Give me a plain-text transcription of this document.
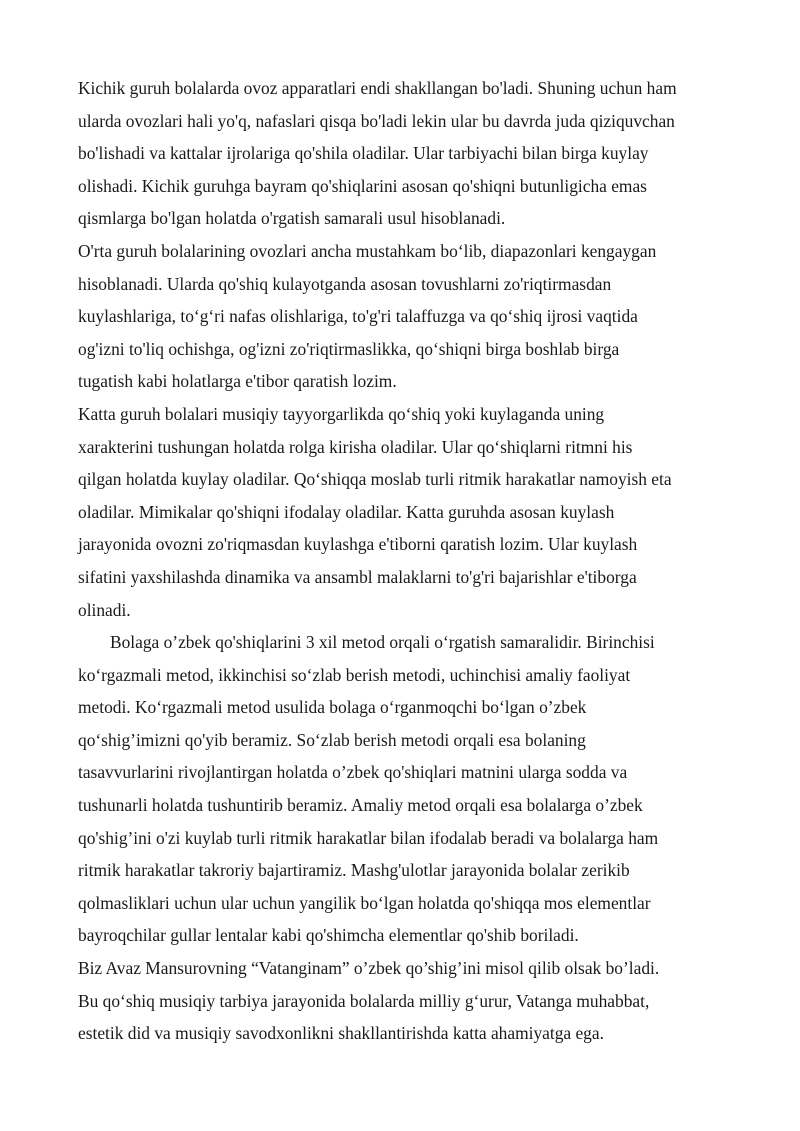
Kichik guruh bolalarda ovoz apparatlari endi shakllangan bo'ladi. Shuning uchun ham
ularda ovozlari hali yo'q, nafaslari qisqa bo'ladi lekin ular bu davrda juda qiziquvchan
bo'lishadi va kattalar ijrolariga qo'shila oladilar. Ular tarbiyachi bilan birga kuylay
olishadi. Kichik guruhga bayram qo'shiqlarini asosan qo'shiqni butunligicha emas
qismlarga bo'lgan holatda o'rgatish samarali usul hisoblanadi.
O'rta guruh bolalarining ovozlari ancha mustahkam bo‘lib, diapazonlari kengaygan
hisoblanadi. Ularda qo'shiq kulayotganda asosan tovushlarni zo'riqtirmasdan
kuylashlariga, to‘g‘ri nafas olishlariga, to'g'ri talaffuzga va qo‘shiq ijrosi vaqtida
og'izni to'liq ochishga, og'izni zo'riqtirmaslikka, qo‘shiqni birga boshlab birga
tugatish kabi holatlarga e'tibor qaratish lozim.
Katta guruh bolalari musiqiy tayyorgarlikda qo‘shiq yoki kuylaganda uning
xarakterini tushungan holatda rolga kirisha oladilar. Ular qo‘shiqlarni ritmni his
qilgan holatda kuylay oladilar. Qo‘shiqqa moslab turli ritmik harakatlar namoyish eta
oladilar. Mimikalar qo'shiqni ifodalay oladilar. Katta guruhda asosan kuylash
jarayonida ovozni zo'riqmasdan kuylashga e'tiborni qaratish lozim. Ular kuylash
sifatini yaxshilashda dinamika va ansambl malaklarni to'g'ri bajarishlar e'tiborga
olinadi.
Bolaga o’zbek qo'shiqlarini 3 xil metod orqali o‘rgatish samaralidir. Birinchisi
ko‘rgazmali metod, ikkinchisi so‘zlab berish metodi, uchinchisi amaliy faoliyat
metodi. Ko‘rgazmali metod usulida bolaga o‘rganmoqchi bo‘lgan o’zbek
qo‘shig’imizni qo'yib beramiz. So‘zlab berish metodi orqali esa bolaning
tasavvurlarini rivojlantirgan holatda o’zbek qo'shiqlari matnini ularga sodda va
tushunarli holatda tushuntirib beramiz. Amaliy metod orqali esa bolalarga o’zbek
qo'shig’ini o'zi kuylab turli ritmik harakatlar bilan ifodalab beradi va bolalarga ham
ritmik harakatlar takroriy bajartiramiz. Mashg'ulotlar jarayonida bolalar zerikib
qolmasliklari uchun ular uchun yangilik bo‘lgan holatda qo'shiqqa mos elementlar
bayroqchilar gullar lentalar kabi qo'shimcha elementlar qo'shib boriladi.
Biz Avaz Mansurovning “Vatanginam” o’zbek qo’shig’ini misol qilib olsak bo’ladi.
Bu qo‘shiq musiqiy tarbiya jarayonida bolalarda milliy g‘urur, Vatanga muhabbat,
estetik did va musiqiy savodxonlikni shakllantirishda katta ahamiyatga ega.
